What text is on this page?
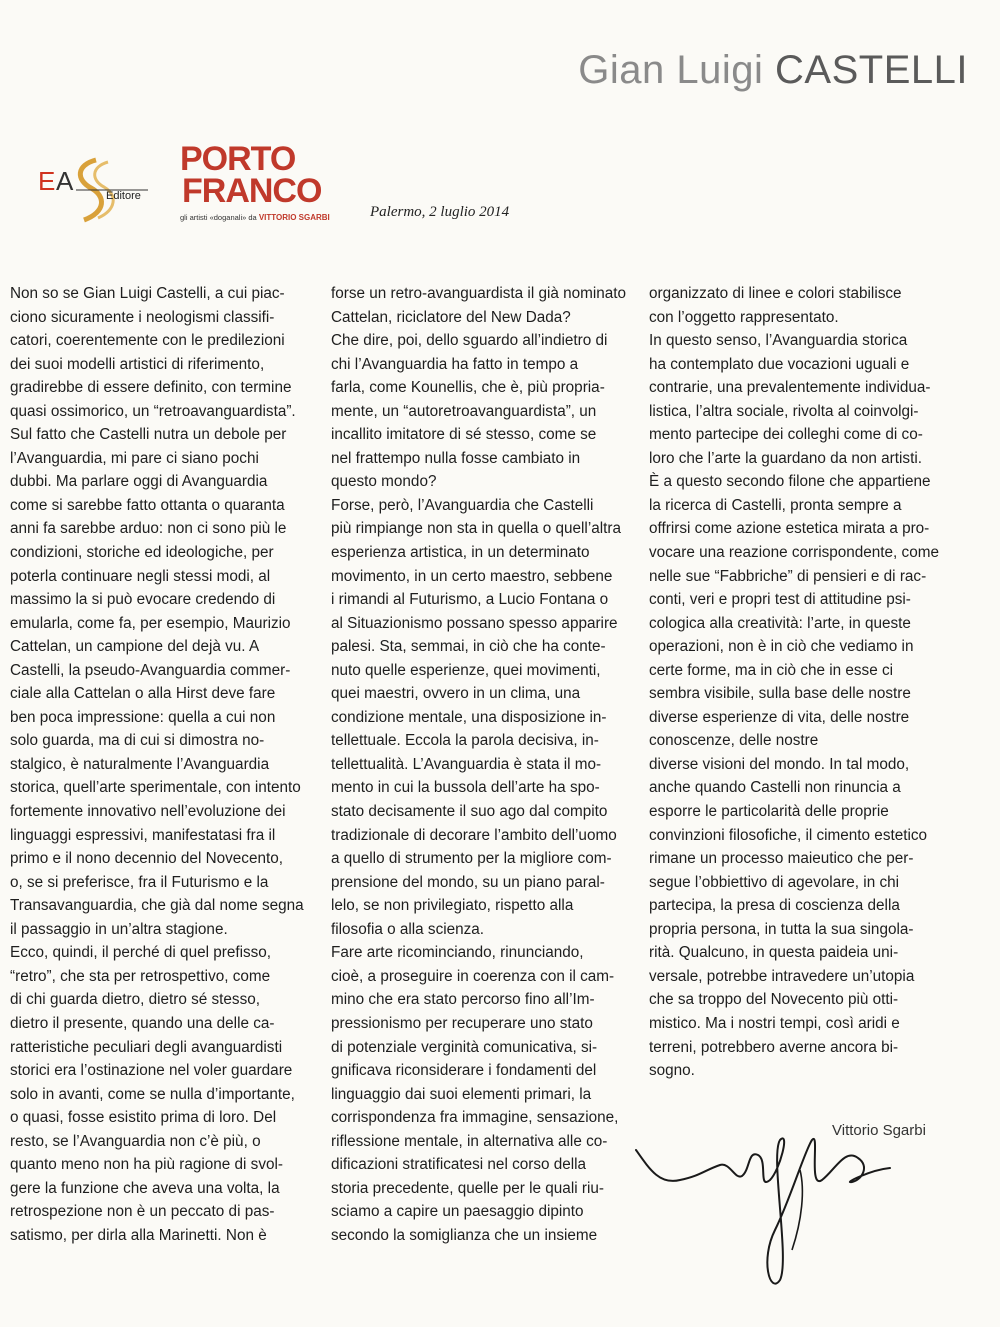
Gian Luigi CASTELLI
E A	Editore
PORTO
FRANCO
gli artisti «doganali» da VITTORIO SGARBI	Palermo, 2 luglio 2014
Non so se Gian Luigi Castelli, a cui piac-
ciono sicuramente i neologismi classifi-
catori, coerentemente con le predilezioni
dei suoi modelli artistici di riferimento,
gradirebbe di essere definito, con termine
quasi ossimorico, un “retroavanguardista”.
Sul fatto che Castelli nutra un debole per
l’Avanguardia, mi pare ci siano pochi
dubbi. Ma parlare oggi di Avanguardia
come si sarebbe fatto ottanta o quaranta
anni fa sarebbe arduo: non ci sono più le
condizioni, storiche ed ideologiche, per
poterla continuare negli stessi modi, al
massimo la si può evocare credendo di
emularla, come fa, per esempio, Maurizio
Cattelan, un campione del dejà vu. A
Castelli, la pseudo-Avanguardia commer-
ciale alla Cattelan o alla Hirst deve fare
ben poca impressione: quella a cui non
solo guarda, ma di cui si dimostra no-
stalgico, è naturalmente l’Avanguardia
storica, quell’arte sperimentale, con intento
fortemente innovativo nell’evoluzione dei
linguaggi espressivi, manifestatasi fra il
primo e il nono decennio del Novecento,
o, se si preferisce, fra il Futurismo e la
Transavanguardia, che già dal nome segna
il passaggio in un’altra stagione.
Ecco, quindi, il perché di quel prefisso,
“retro”, che sta per retrospettivo, come
di chi guarda dietro, dietro sé stesso,
dietro il presente, quando una delle ca-
ratteristiche peculiari degli avanguardisti
storici era l’ostinazione nel voler guardare
solo in avanti, come se nulla d’importante,
o quasi, fosse esistito prima di loro. Del
resto, se l’Avanguardia non c’è più, o
quanto meno non ha più ragione di svol-
gere la funzione che aveva una volta, la
retrospezione non è un peccato di pas-
satismo, per dirla alla Marinetti. Non è
forse un retro-avanguardista il già nominato
Cattelan, riciclatore del New Dada?
Che dire, poi, dello sguardo all’indietro di
chi l’Avanguardia ha fatto in tempo a
farla, come Kounellis, che è, più propria-
mente, un “autoretroavanguardista”, un
incallito imitatore di sé stesso, come se
nel frattempo nulla fosse cambiato in
questo mondo?
Forse, però, l’Avanguardia che Castelli
più rimpiange non sta in quella o quell’altra
esperienza artistica, in un determinato
movimento, in un certo maestro, sebbene
i rimandi al Futurismo, a Lucio Fontana o
al Situazionismo possano spesso apparire
palesi. Sta, semmai, in ciò che ha conte-
nuto quelle esperienze, quei movimenti,
quei maestri, ovvero in un clima, una
condizione mentale, una disposizione in-
tellettuale. Eccola la parola decisiva, in-
tellettualità. L’Avanguardia è stata il mo-
mento in cui la bussola dell’arte ha spo-
stato decisamente il suo ago dal compito
tradizionale di decorare l’ambito dell’uomo
a quello di strumento per la migliore com-
prensione del mondo, su un piano paral-
lelo, se non privilegiato, rispetto alla
filosofia o alla scienza.
Fare arte ricominciando, rinunciando,
cioè, a proseguire in coerenza con il cam-
mino che era stato percorso fino all’Im-
pressionismo per recuperare uno stato
di potenziale verginità comunicativa, si-
gnificava riconsiderare i fondamenti del
linguaggio dai suoi elementi primari, la
corrispondenza fra immagine, sensazione,
riflessione mentale, in alternativa alle co-
dificazioni stratificatesi nel corso della
storia precedente, quelle per le quali riu-
sciamo a capire un paesaggio dipinto
secondo la somiglianza che un insieme
organizzato di linee e colori stabilisce
con l’oggetto rappresentato.
In questo senso, l’Avanguardia storica
ha contemplato due vocazioni uguali e
contrarie, una prevalentemente individua-
listica, l’altra sociale, rivolta al coinvolgi-
mento partecipe dei colleghi come di co-
loro che l’arte la guardano da non artisti.
È a questo secondo filone che appartiene
la ricerca di Castelli, pronta sempre a
offrirsi come azione estetica mirata a pro-
vocare una reazione corrispondente, come
nelle sue “Fabbriche” di pensieri e di rac-
conti, veri e propri test di attitudine psi-
cologica alla creatività: l’arte, in queste
operazioni, non è in ciò che vediamo in
certe forme, ma in ciò che in esse ci
sembra visibile, sulla base delle nostre
diverse esperienze di vita, delle nostre
conoscenze, delle nostre
diverse visioni del mondo. In tal modo,
anche quando Castelli non rinuncia a
esporre le particolarità delle proprie
convinzioni filosofiche, il cimento estetico
rimane un processo maieutico che per-
segue l’obbiettivo di agevolare, in chi
partecipa, la presa di coscienza della
propria persona, in tutta la sua singola-
rità. Qualcuno, in questa paideia uni-
versale, potrebbe intravedere un’utopia
che sa troppo del Novecento più otti-
mistico. Ma i nostri tempi, così aridi e
terreni, potrebbero averne ancora bi-
sogno.
Vittorio Sgarbi
